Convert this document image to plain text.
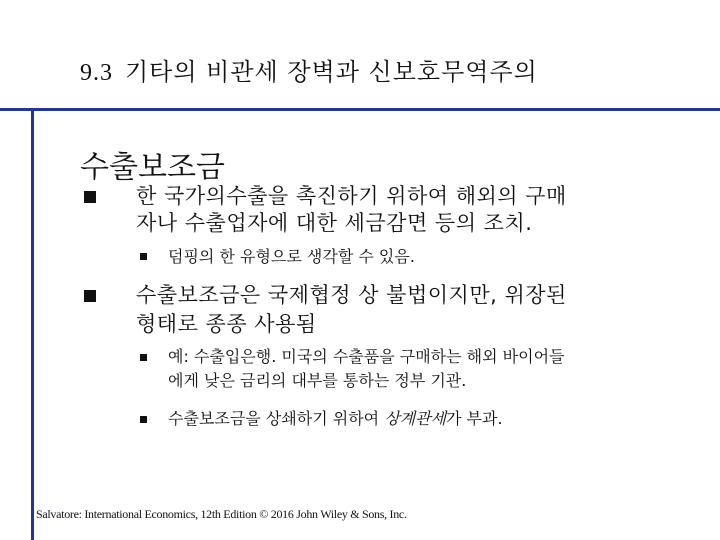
9.3 기타의 비관세 장벽과 신보호무역주의
수출보조금
한 국가의수출을 촉진하기 위하여 해외의 구매
자나 수출업자에 대한 세금감면 등의 조치.
덤핑의 한 유형으로 생각할 수 있음.
수출보조금은 국제협정 상 불법이지만, 위장된
형태로 종종 사용됨
예: 수출입은행. 미국의 수출품을 구매하는 해외 바이어들
에게 낮은 금리의 대부를 통하는 정부 기관.
수출보조금을 상쇄하기 위하여 상계관세가 부과.
Salvatore: International Economics, 12th Edition © 2016 John Wiley & Sons, Inc.
